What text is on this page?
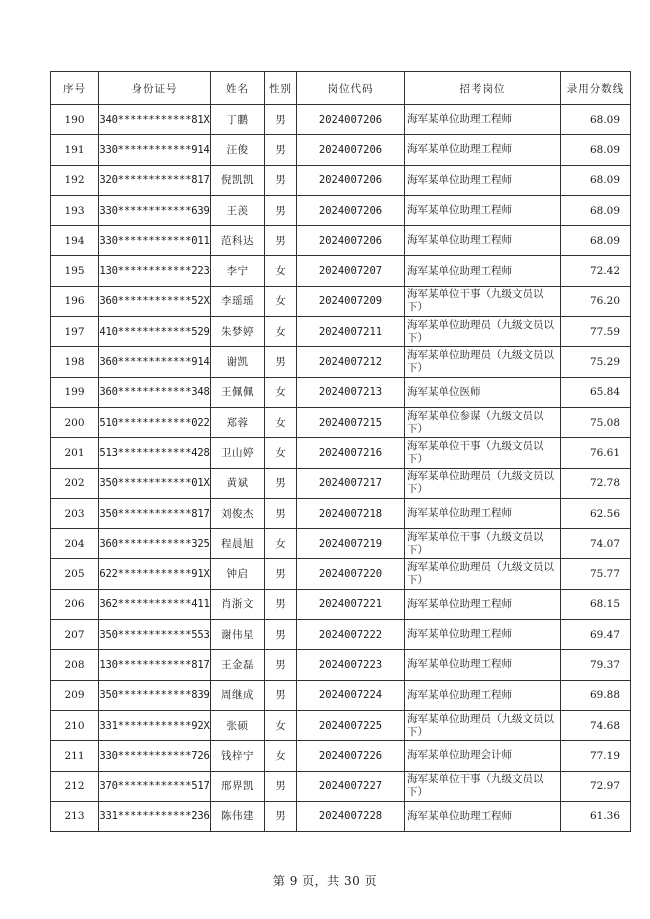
序号	身份证号	姓名	性别	岗位代码	招考岗位	录用分数线
190	340************81X	丁鹏	男	2024007206	海军某单位助理工程师	68.09
191	330************914	汪俊	男	2024007206	海军某单位助理工程师	68.09
192	320************817	倪凯凯	男	2024007206	海军某单位助理工程师	68.09
193	330************639	王羡	男	2024007206	海军某单位助理工程师	68.09
194	330************011	范科达	男	2024007206	海军某单位助理工程师	68.09
195	130************223	李宁	女	2024007207	海军某单位助理工程师	72.42
196	360************52X	李瑶瑶	女	2024007209	海军某单位干事（九级文员以下）	76.20
197	410************529	朱梦婷	女	2024007211	海军某单位助理员（九级文员以下）	77.59
198	360************914	谢凯	男	2024007212	海军某单位助理员（九级文员以下）	75.29
199	360************348	王佩佩	女	2024007213	海军某单位医师	65.84
200	510************022	郑蓉	女	2024007215	海军某单位参谋（九级文员以下）	75.08
201	513************428	卫山婷	女	2024007216	海军某单位干事（九级文员以下）	76.61
202	350************01X	黄斌	男	2024007217	海军某单位助理员（九级文员以下）	72.78
203	350************817	刘俊杰	男	2024007218	海军某单位助理工程师	62.56
204	360************325	程晨旭	女	2024007219	海军某单位干事（九级文员以下）	74.07
205	622************91X	钟启	男	2024007220	海军某单位助理员（九级文员以下）	75.77
206	362************411	肖浙文	男	2024007221	海军某单位助理工程师	68.15
207	350************553	谢伟星	男	2024007222	海军某单位助理工程师	69.47
208	130************817	王金磊	男	2024007223	海军某单位助理工程师	79.37
209	350************839	周继成	男	2024007224	海军某单位助理工程师	69.88
210	331************92X	张硕	女	2024007225	海军某单位助理员（九级文员以下）	74.68
211	330************726	钱梓宁	女	2024007226	海军某单位助理会计师	77.19
212	370************517	邢界凯	男	2024007227	海军某单位干事（九级文员以下）	72.97
213	331************236	陈伟建	男	2024007228	海军某单位助理工程师	61.36
第 9 页，共 30 页
